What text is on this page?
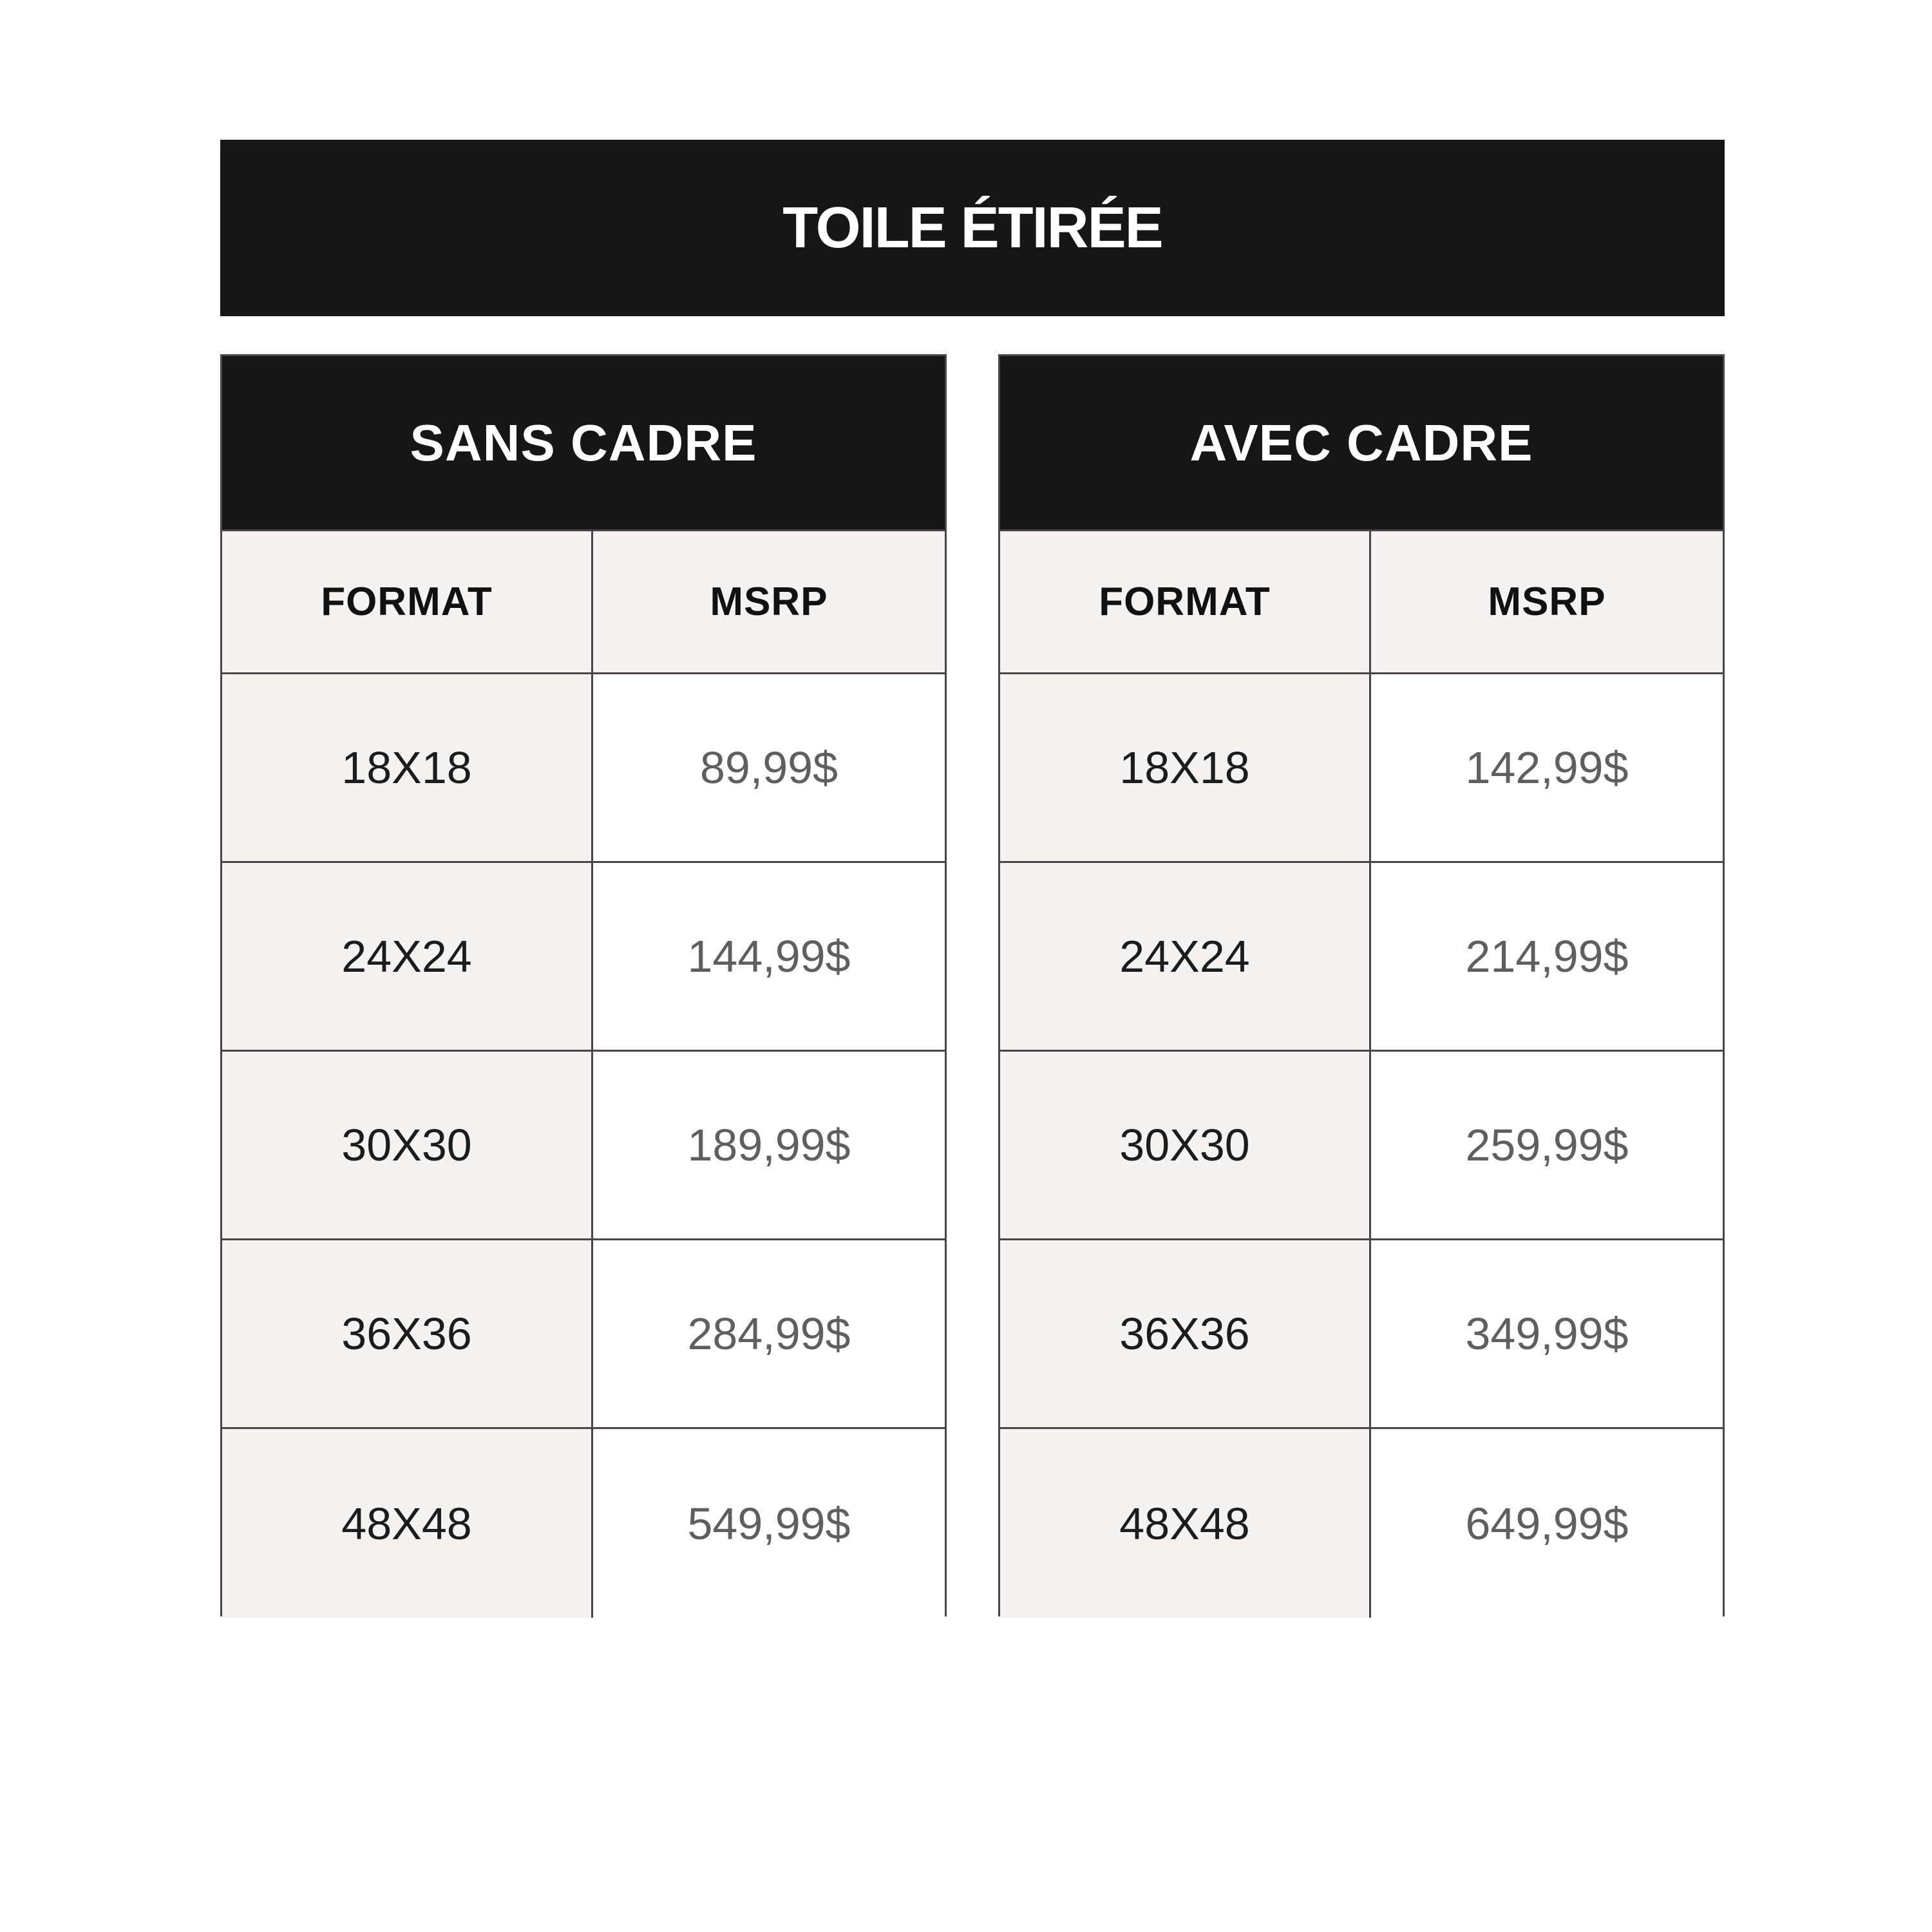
TOILE ÉTIRÉE
SANS CADRE
FORMAT	MSRP
18X18	89,99$
24X24	144,99$
30X30	189,99$
36X36	284,99$
48X48	549,99$
AVEC CADRE
FORMAT	MSRP
18X18	142,99$
24X24	214,99$
30X30	259,99$
36X36	349,99$
48X48	649,99$
